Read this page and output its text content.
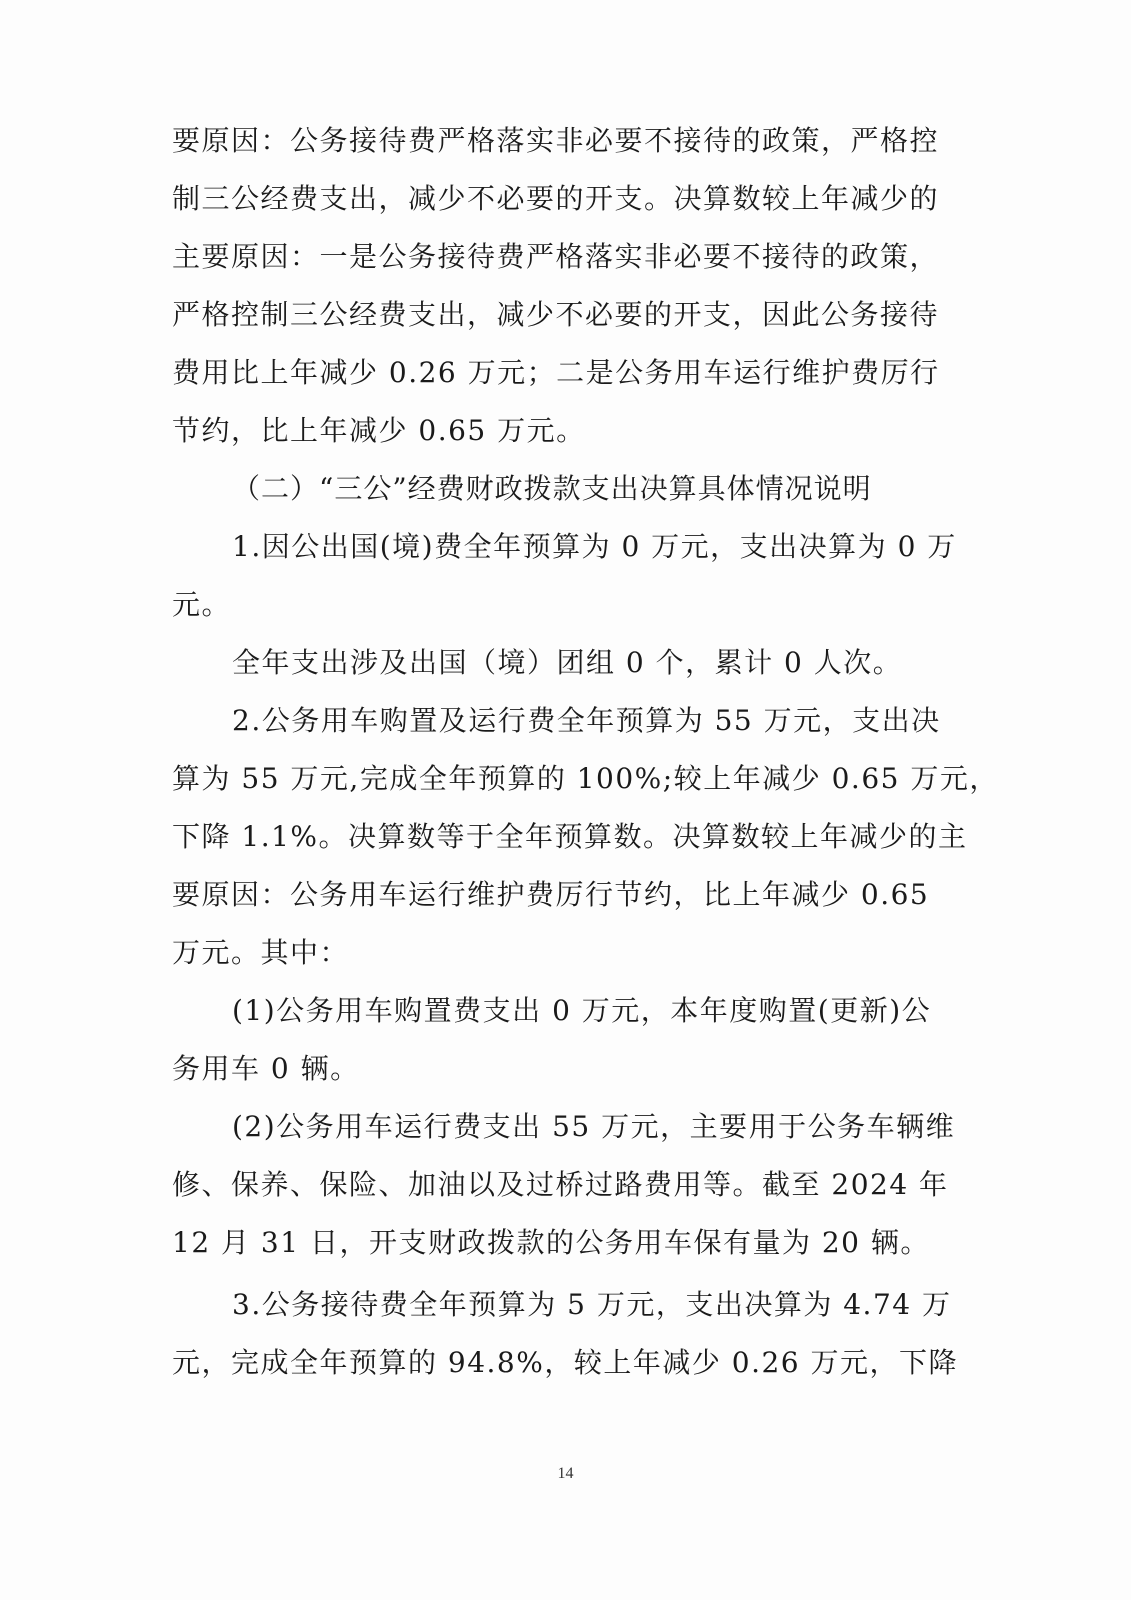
要原因：公务接待费严格落实非必要不接待的政策，严格控
制三公经费支出，减少不必要的开支。决算数较上年减少的
主要原因：一是公务接待费严格落实非必要不接待的政策，
严格控制三公经费支出，减少不必要的开支，因此公务接待
费用比上年减少 0.26 万元；二是公务用车运行维护费厉行
节约，比上年减少 0.65 万元。
（二）“三公”经费财政拨款支出决算具体情况说明
1.因公出国(境)费全年预算为 0 万元，支出决算为 0 万
元。
全年支出涉及出国（境）团组 0 个，累计 0 人次。
2.公务用车购置及运行费全年预算为 55 万元，支出决
算为 55 万元,完成全年预算的 100%;较上年减少 0.65 万元，
下降 1.1%。决算数等于全年预算数。决算数较上年减少的主
要原因：公务用车运行维护费厉行节约，比上年减少 0.65
万元。其中：
(1)公务用车购置费支出 0 万元，本年度购置(更新)公
务用车 0 辆。
(2)公务用车运行费支出 55 万元，主要用于公务车辆维
修、保养、保险、加油以及过桥过路费用等。截至 2024 年
12 月 31 日，开支财政拨款的公务用车保有量为 20 辆。
3.公务接待费全年预算为 5 万元，支出决算为 4.74 万
元，完成全年预算的 94.8%，较上年减少 0.26 万元，下降
14
